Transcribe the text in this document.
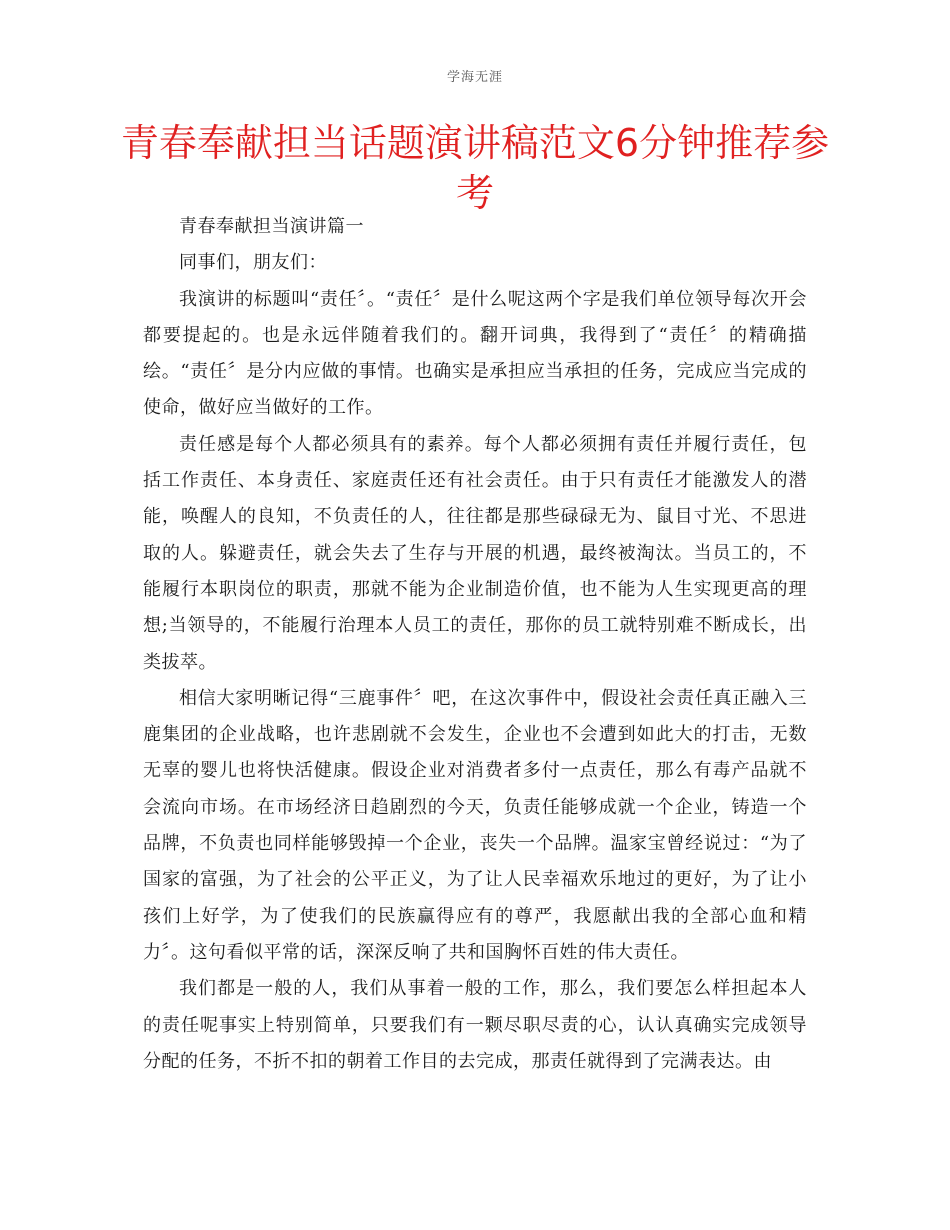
学海无涯
青春奉献担当话题演讲稿范文6分钟推荐参考

青春奉献担当演讲篇一

同事们，朋友们：

我演讲的标题叫“责任〞。“责任〞是什么呢这两个字是我们单位领导每次开会都要提起的。也是永远伴随着我们的。翻开词典，我得到了“责任〞的精确描绘。“责任〞是分内应做的事情。也确实是承担应当承担的任务，完成应当完成的使命，做好应当做好的工作。

责任感是每个人都必须具有的素养。每个人都必须拥有责任并履行责任，包括工作责任、本身责任、家庭责任还有社会责任。由于只有责任才能激发人的潜能，唤醒人的良知，不负责任的人，往往都是那些碌碌无为、鼠目寸光、不思进取的人。躲避责任，就会失去了生存与开展的机遇，最终被淘汰。当员工的，不能履行本职岗位的职责，那就不能为企业制造价值，也不能为人生实现更高的理想;当领导的，不能履行治理本人员工的责任，那你的员工就特别难不断成长，出类拔萃。

相信大家明晰记得“三鹿事件〞吧，在这次事件中，假设社会责任真正融入三鹿集团的企业战略，也许悲剧就不会发生，企业也不会遭到如此大的打击，无数无辜的婴儿也将快活健康。假设企业对消费者多付一点责任，那么有毒产品就不会流向市场。在市场经济日趋剧烈的今天，负责任能够成就一个企业，铸造一个品牌，不负责也同样能够毁掉一个企业，丧失一个品牌。温家宝曾经说过：“为了国家的富强，为了社会的公平正义，为了让人民幸福欢乐地过的更好，为了让小孩们上好学，为了使我们的民族赢得应有的尊严，我愿献出我的全部心血和精力〞。这句看似平常的话，深深反响了共和国胸怀百姓的伟大责任。

我们都是一般的人，我们从事着一般的工作，那么，我们要怎么样担起本人的责任呢事实上特别简单，只要我们有一颗尽职尽责的心，认认真确实完成领导分配的任务，不折不扣的朝着工作目的去完成，那责任就得到了完满表达。由
